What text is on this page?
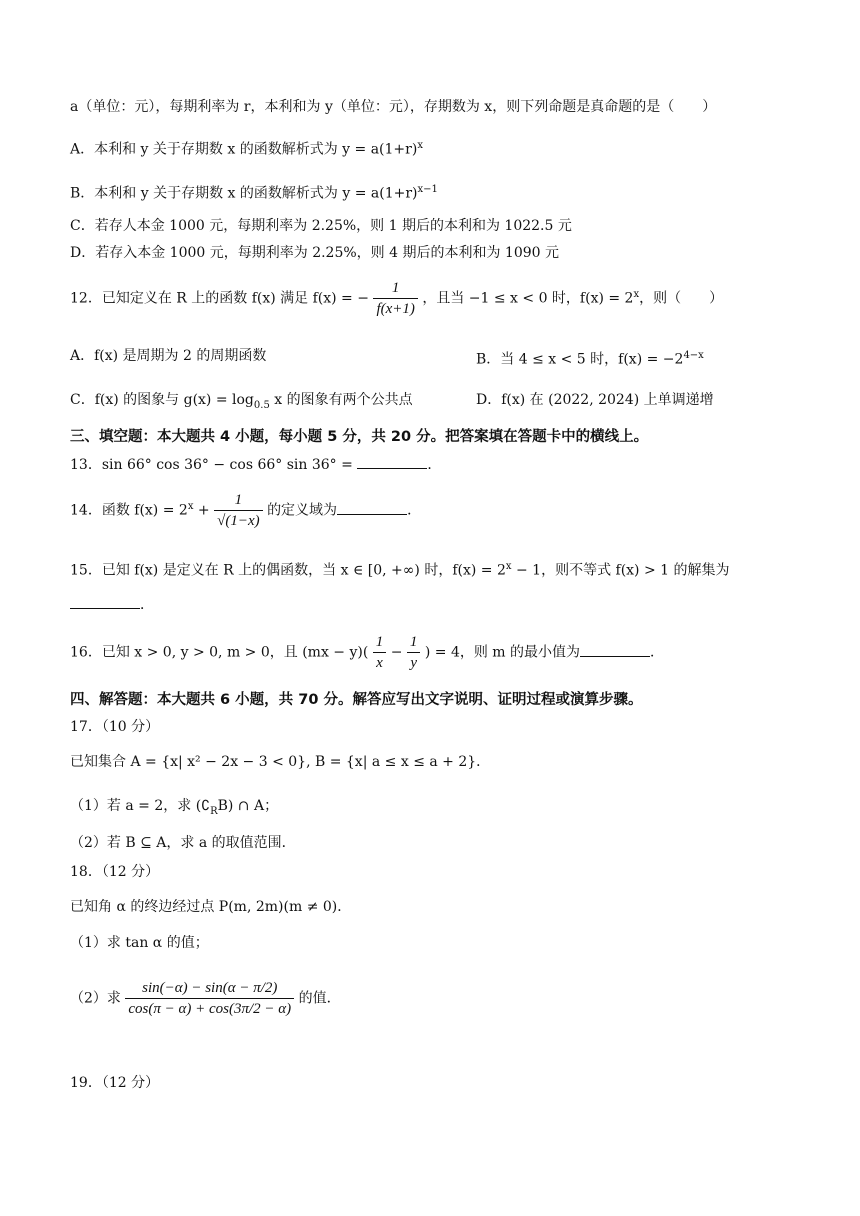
a（单位：元），每期利率为 r，本利和为 y（单位：元），存期数为 x，则下列命题是真命题的是（　　）
A．本利和 y 关于存期数 x 的函数解析式为 $y = a(1+r)^x$
B．本利和 y 关于存期数 x 的函数解析式为 $y = a(1+r)^{x-1}$
C．若存人本金 1000 元，每期利率为 2.25%，则 1 期后的本利和为 1022.5 元
D．若存入本金 1000 元，每期利率为 2.25%，则 4 期后的本利和为 1090 元
12．已知定义在 R 上的函数 f(x) 满足 f(x) = − $\frac{1}{f(x+1)}$ ，且当 −1 ≤ x < 0 时，$f(x) = 2^x$，则（　　）
A．f(x) 是周期为 2 的周期函数	B．当 4 ≤ x < 5 时，$f(x) = -2^{4-x}$
C．f(x) 的图象与 $g(x) = \log_{0.5} x$ 的图象有两个公共点	D．f(x) 在 (2022, 2024) 上单调递增
三、填空题：本大题共 4 小题，每小题 5 分，共 20 分。把答案填在答题卡中的横线上。
13．sin 66° cos 36° − cos 66° sin 36° =	．
14．函数 $f(x) = 2^x + \frac{1}{√(1-x)}$ 的定义域为	．
15．已知 f(x) 是定义在 R 上的偶函数，当 x ∈ [0, +∞) 时，$f(x) = 2^x - 1$，则不等式 f(x) > 1 的解集为
．
16．已知 x > 0, y > 0, m > 0，且 $(mx - y)( \frac{1}{x} - \frac{1}{y}$ ) = 4，则 m 的最小值为	．
四、解答题：本大题共 6 小题，共 70 分。解答应写出文字说明、证明过程或演算步骤。
17．（10 分）
已知集合 A = {x| x² − 2x − 3 < 0}, B = {x| a ≤ x ≤ a + 2}．
（1）若 a = 2，求 $(∁_RB)$ ∩ A；
（2）若 B ⊆ A，求 a 的取值范围．
18．（12 分）
已知角 α 的终边经过点 P(m, 2m)(m ≠ 0)．
（1）求 tan α 的值；
（2）求 $\frac{\sin(-\alpha) - \sin(\alpha - \pi/2)}{\cos(\pi - \alpha) + \cos(3\pi/2 - \alpha)}$ 的值．
19．（12 分）
